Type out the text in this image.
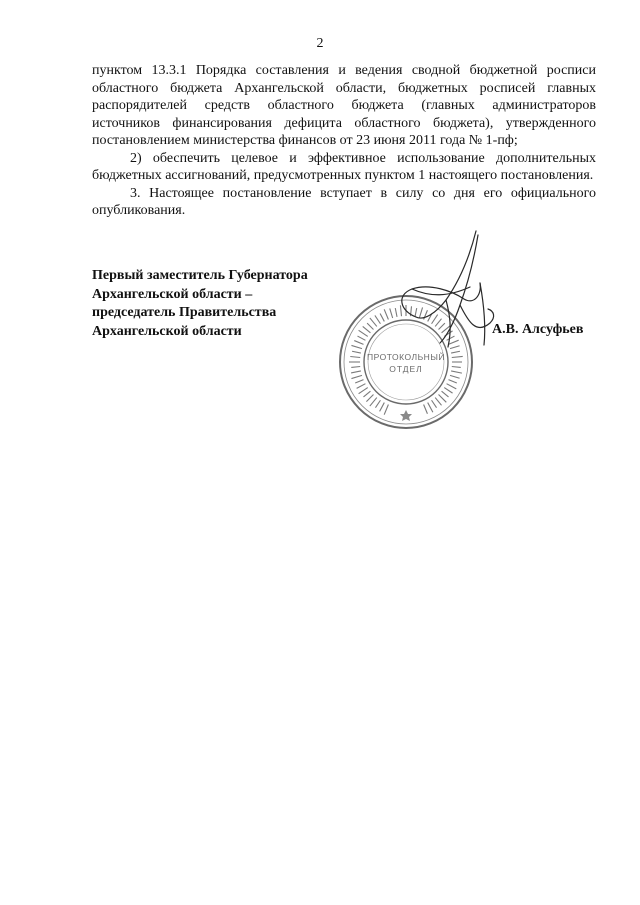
2

пунктом 13.3.1 Порядка составления и ведения сводной бюджетной росписи областного бюджета Архангельской области, бюджетных росписей главных распорядителей средств областного бюджета (главных администраторов источников финансирования дефицита областного бюджета), утвержденного постановлением министерства финансов от 23 июня 2011 года № 1-пф;

2) обеспечить целевое и эффективное использование дополнительных бюджетных ассигнований, предусмотренных пунктом 1 настоящего постановления.

3. Настоящее постановление вступает в силу со дня его официального опубликования.

Первый заместитель Губернатора
Архангельской области –
председатель Правительства
Архангельской области	А.В. Алсуфьев
ПРОТОКОЛЬНЫЙ
ОТДЕЛ
